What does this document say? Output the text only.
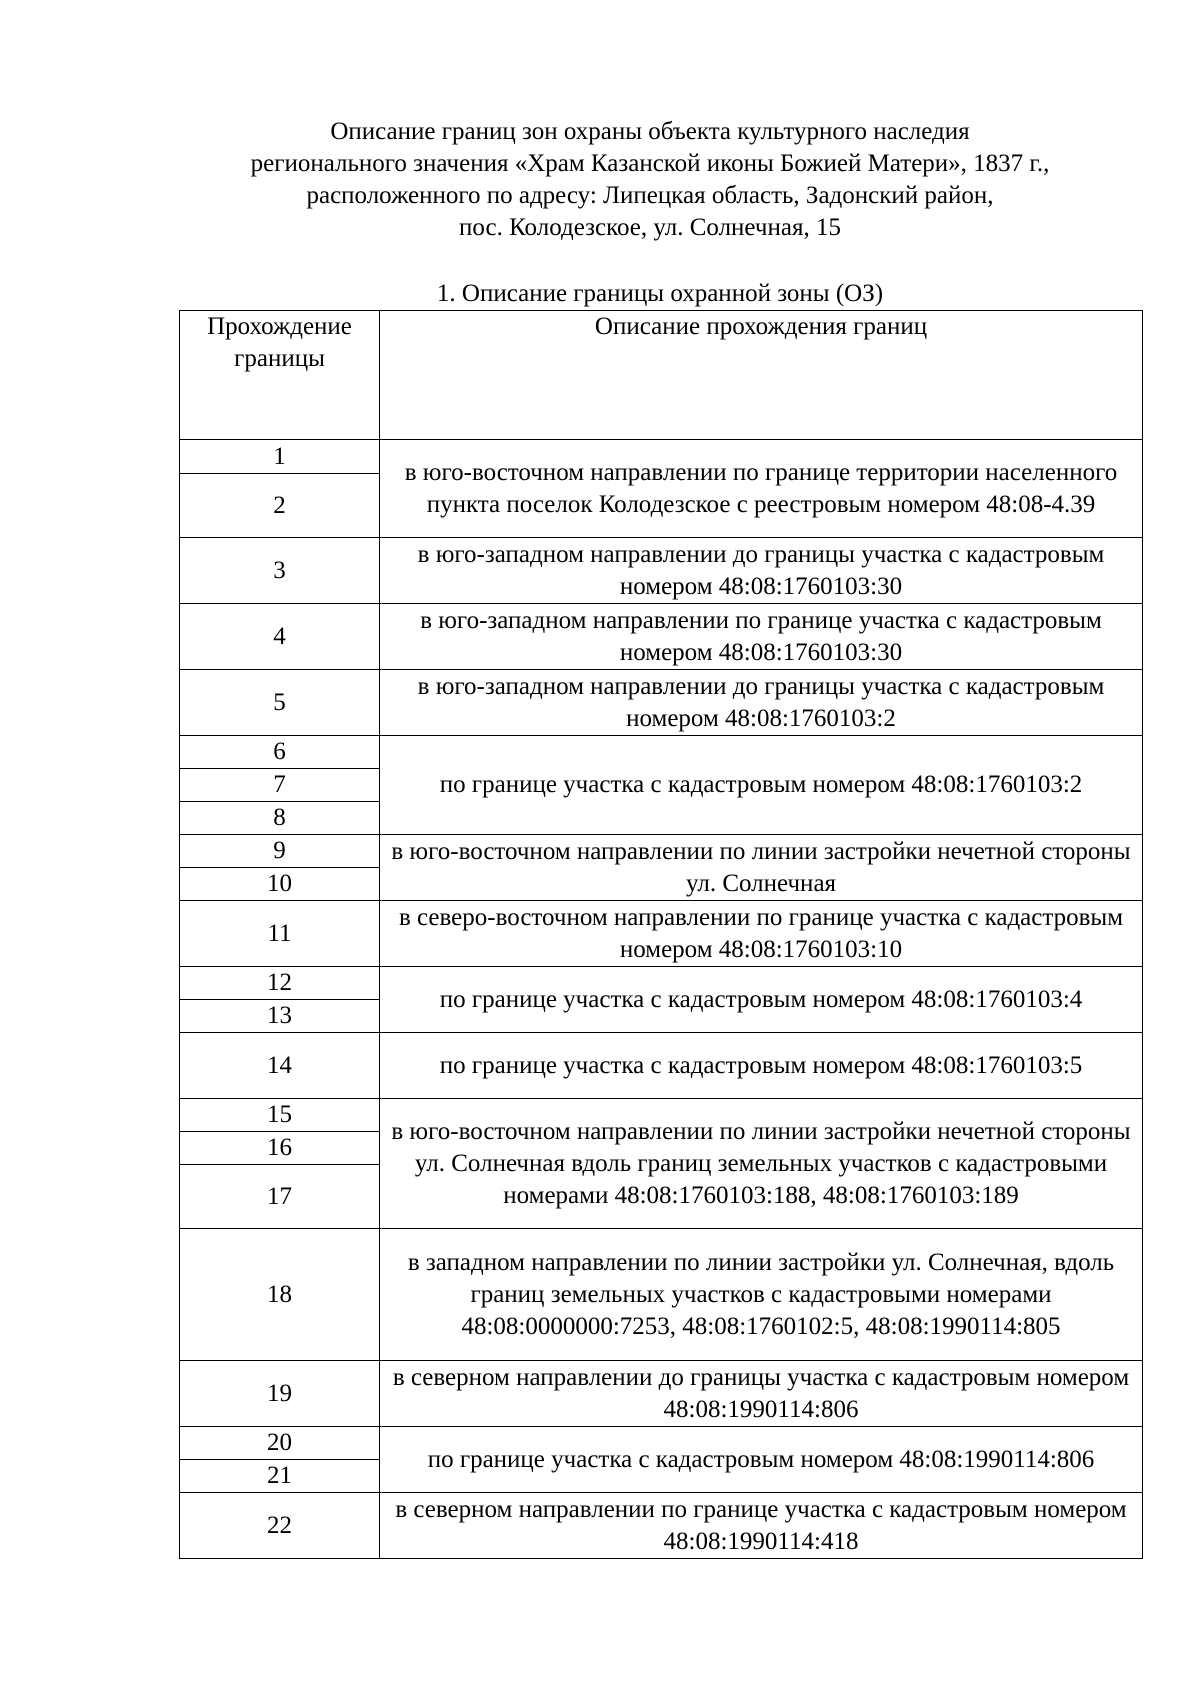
Описание границ зон охраны объекта культурного наследия
регионального значения «Храм Казанской иконы Божией Матери», 1837 г.,
расположенного по адресу: Липецкая область, Задонский район,
пос. Колодезское, ул. Солнечная, 15
1. Описание границы охранной зоны (ОЗ)
Прохождение границы	Описание прохождения границ
1	в юго-восточном направлении по границе территории населенного пункта поселок Колодезское с реестровым номером 48:08-4.39
2	
3	в юго-западном направлении до границы участка с кадастровым номером 48:08:1760103:30
4	в юго-западном направлении по границе участка с кадастровым номером 48:08:1760103:30
5	в юго-западном направлении до границы участка с кадастровым номером 48:08:1760103:2
6	по границе участка с кадастровым номером 48:08:1760103:2
7	
8	
9	в юго-восточном направлении по линии застройки нечетной стороны ул. Солнечная
10	
11	в северо-восточном направлении по границе участка с кадастровым номером 48:08:1760103:10
12	по границе участка с кадастровым номером 48:08:1760103:4
13	
14	по границе участка с кадастровым номером 48:08:1760103:5
15	в юго-восточном направлении по линии застройки нечетной стороны ул. Солнечная вдоль границ земельных участков с кадастровыми номерами 48:08:1760103:188, 48:08:1760103:189
16	
17	
18	в западном направлении по линии застройки ул. Солнечная, вдоль границ земельных участков с кадастровыми номерами 48:08:0000000:7253, 48:08:1760102:5, 48:08:1990114:805
19	в северном направлении до границы участка с кадастровым номером 48:08:1990114:806
20	по границе участка с кадастровым номером 48:08:1990114:806
21	
22	в северном направлении по границе участка с кадастровым номером 48:08:1990114:418
